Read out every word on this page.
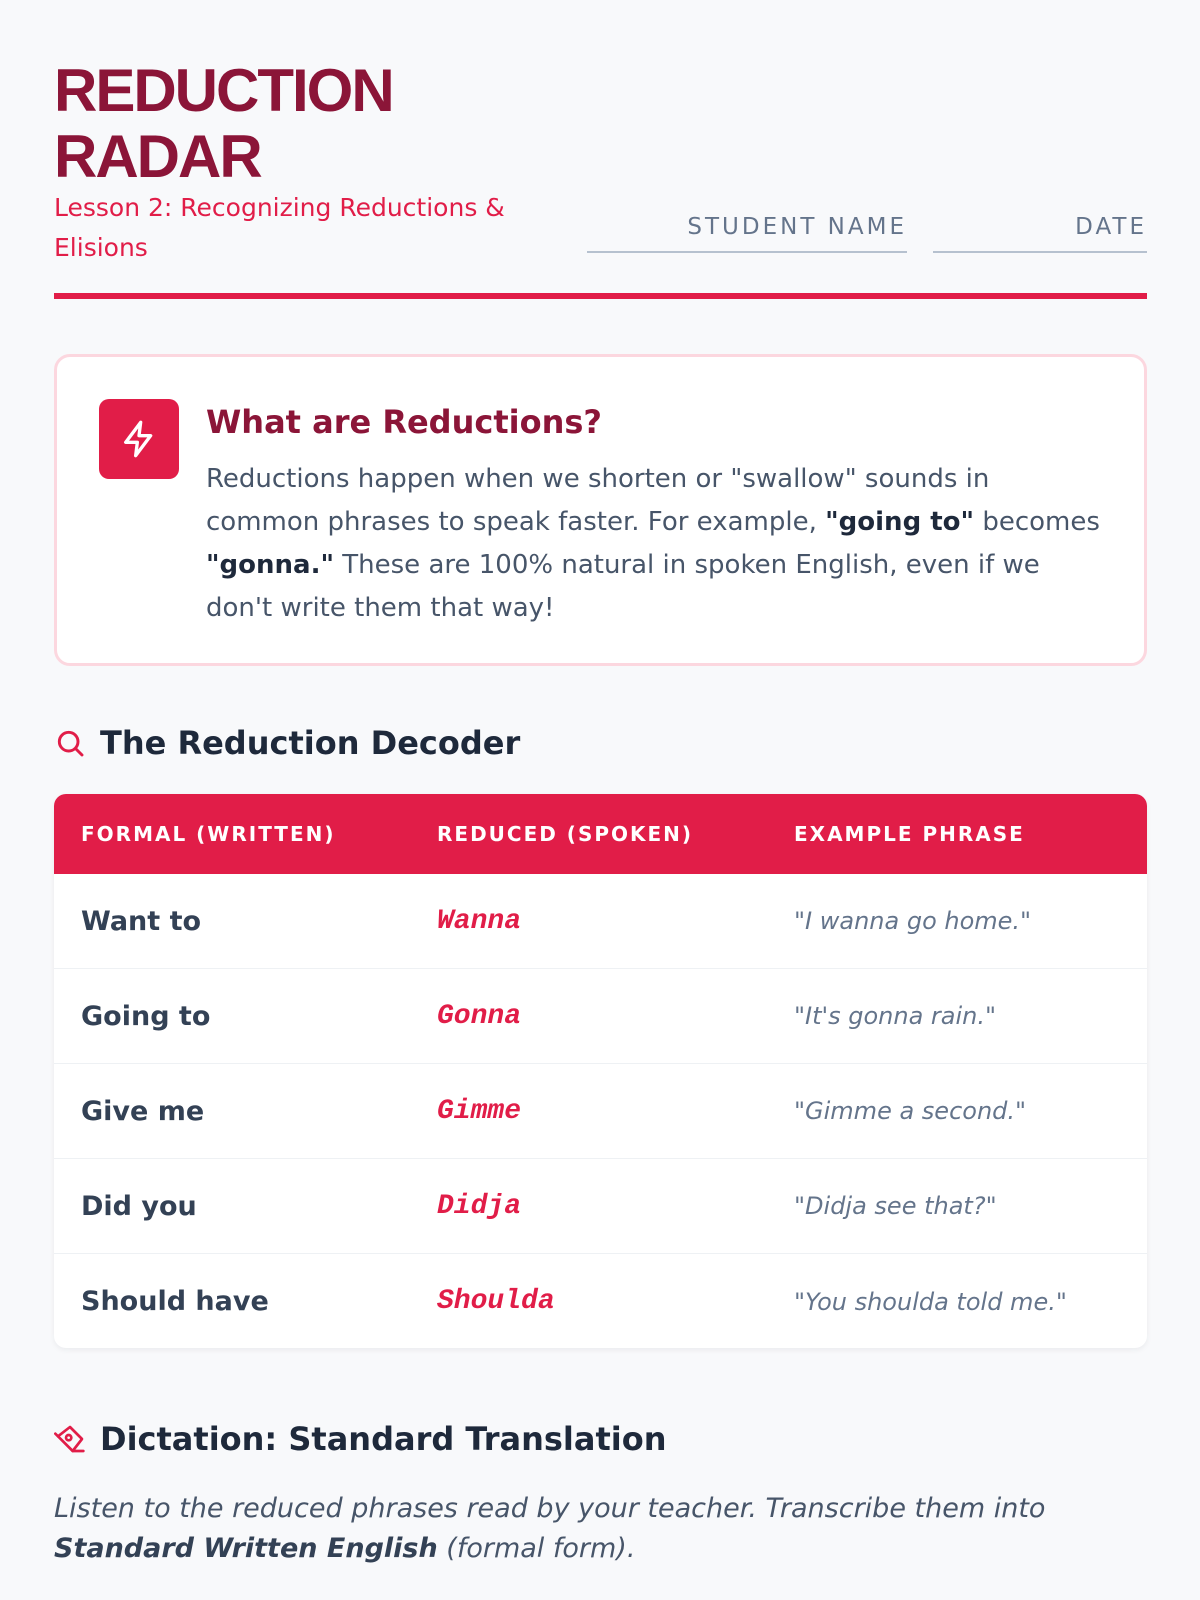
REDUCTION
RADAR
Lesson 2: Recognizing Reductions & Elisions
STUDENT NAME	DATE
What are Reductions?
Reductions happen when we shorten or "swallow" sounds in common phrases to speak faster. For example, "going to" becomes "gonna." These are 100% natural in spoken English, even if we don't write them that way!
The Reduction Decoder
FORMAL (WRITTEN)	REDUCED (SPOKEN)	EXAMPLE PHRASE
Want to	Wanna	"I wanna go home."
Going to	Gonna	"It's gonna rain."
Give me	Gimme	"Gimme a second."
Did you	Didja	"Didja see that?"
Should have	Shoulda	"You shoulda told me."
Dictation: Standard Translation
Listen to the reduced phrases read by your teacher. Transcribe them into Standard Written English (formal form).
